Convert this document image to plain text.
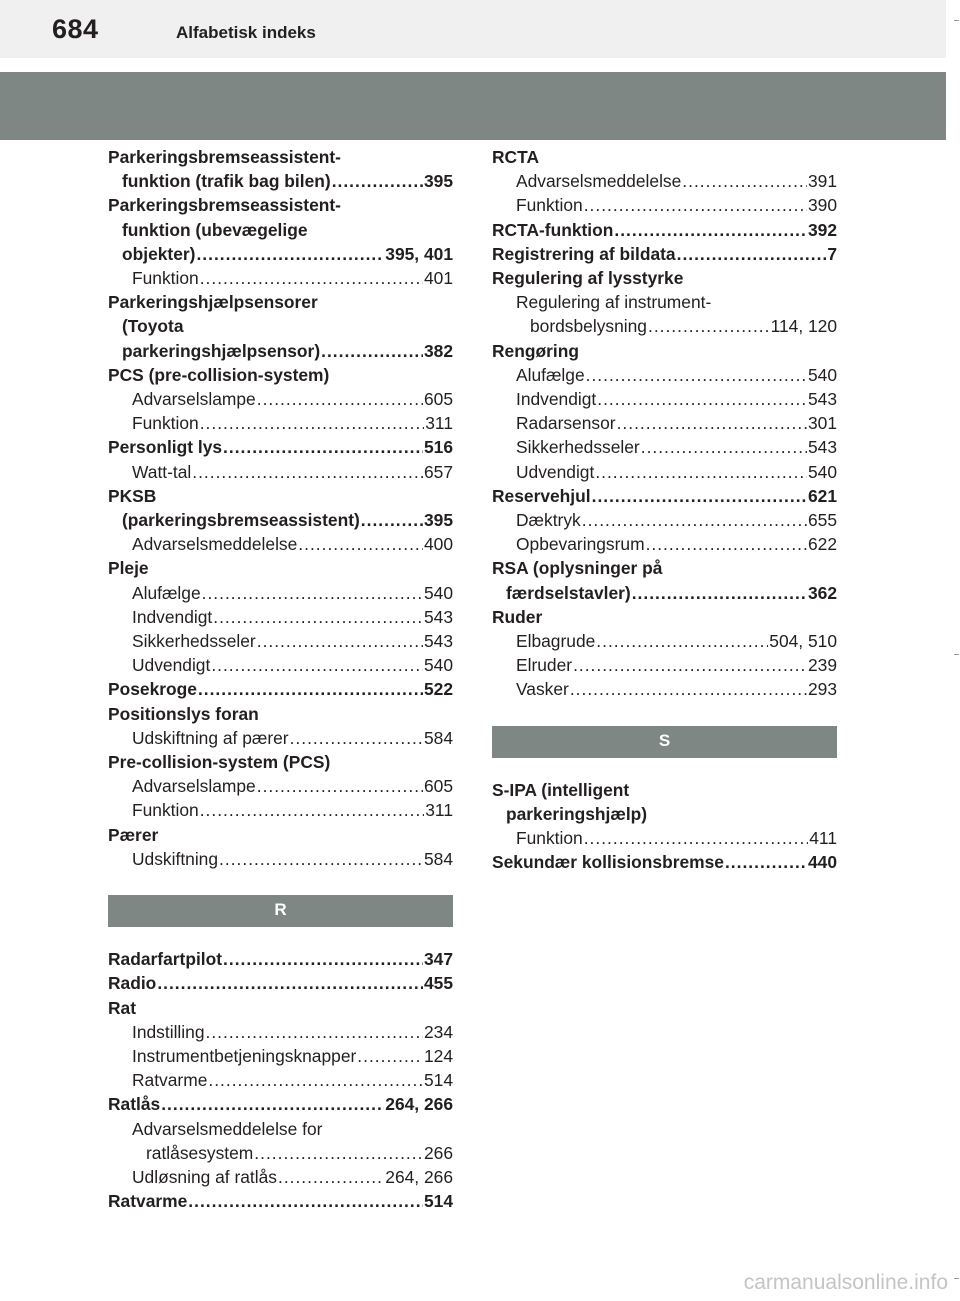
684	Alfabetisk indeks
Parkeringsbremseassistent-
funktion (trafik bag bilen) .....	395
Parkeringsbremseassistent-
funktion (ubevægelige
objekter) .....	395, 401
Funktion .....	401
Parkeringshjælpsensorer
(Toyota
parkeringshjælpsensor) .....	382
PCS (pre-collision-system)
Advarselslampe .....	605
Funktion .....	311
Personligt lys .....	516
Watt-tal .....	657
PKSB
(parkeringsbremseassistent) .....	395
Advarselsmeddelelse .....	400
Pleje
Alufælge .....	540
Indvendigt .....	543
Sikkerhedsseler .....	543
Udvendigt .....	540
Posekroge .....	522
Positionslys foran
Udskiftning af pærer .....	584
Pre-collision-system (PCS)
Advarselslampe .....	605
Funktion .....	311
Pærer
Udskiftning .....	584
R
Radarfartpilot .....	347
Radio .....	455
Rat
Indstilling .....	234
Instrumentbetjeningsknapper .....	124
Ratvarme .....	514
Ratlås .....	264, 266
Advarselsmeddelelse for
ratlåsesystem .....	266
Udløsning af ratlås .....	264, 266
Ratvarme .....	514
RCTA
Advarselsmeddelelse .....	391
Funktion .....	390
RCTA-funktion .....	392
Registrering af bildata .....	7
Regulering af lysstyrke
Regulering af instrument-
bordsbelysning .....	114, 120
Rengøring
Alufælge .....	540
Indvendigt .....	543
Radarsensor .....	301
Sikkerhedsseler .....	543
Udvendigt .....	540
Reservehjul .....	621
Dæktryk .....	655
Opbevaringsrum .....	622
RSA (oplysninger på
færdselstavler) .....	362
Ruder
Elbagrude .....	504, 510
Elruder .....	239
Vasker .....	293
S
S-IPA (intelligent
parkeringshjælp)
Funktion .....	411
Sekundær kollisionsbremse .....	440
carmanualsonline.info
